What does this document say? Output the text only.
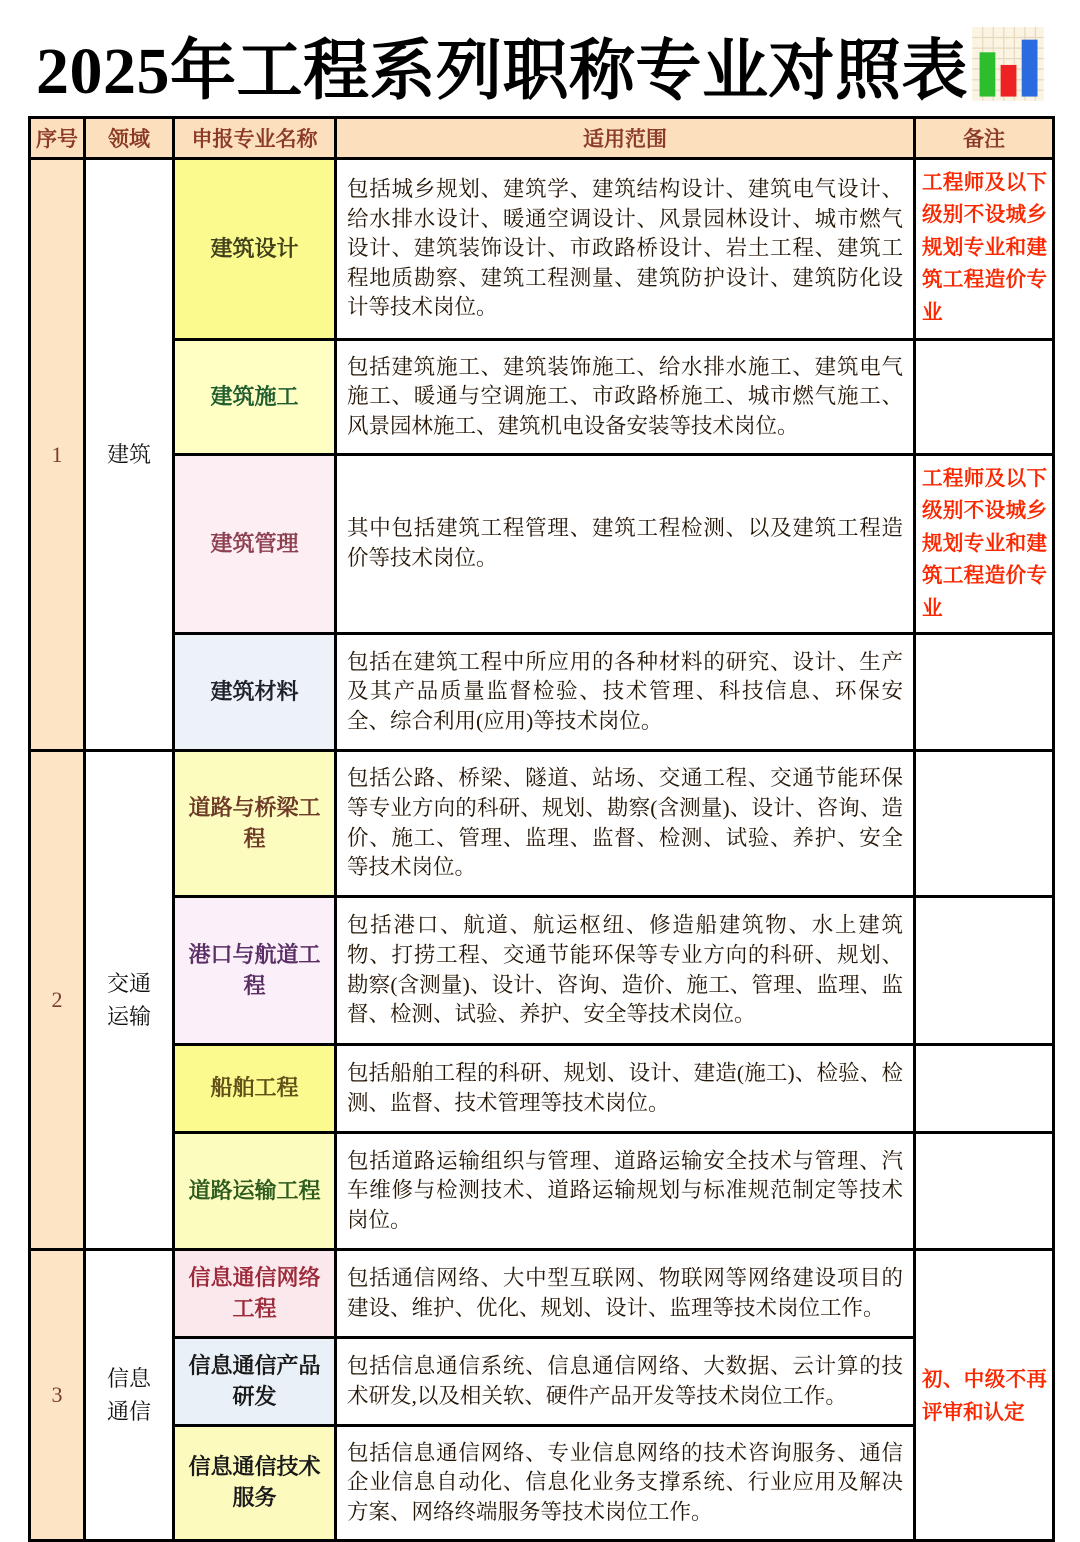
2025年工程系列职称专业对照表
序号	领域	申报专业名称	适用范围	备注
1	建筑	建筑设计	包括城乡规划、建筑学、建筑结构设计、建筑电气设计、给水排水设计、暖通空调设计、风景园林设计、城市燃气设计、建筑装饰设计、市政路桥设计、岩土工程、建筑工程地质勘察、建筑工程测量、建筑防护设计、建筑防化设计等技术岗位。	工程师及以下级别不设城乡规划专业和建筑工程造价专业
		建筑施工	包括建筑施工、建筑装饰施工、给水排水施工、建筑电气施工、暖通与空调施工、市政路桥施工、城市燃气施工、风景园林施工、建筑机电设备安装等技术岗位。	
		建筑管理	其中包括建筑工程管理、建筑工程检测、以及建筑工程造价等技术岗位。	工程师及以下级别不设城乡规划专业和建筑工程造价专业
		建筑材料	包括在建筑工程中所应用的各种材料的研究、设计、生产及其产品质量监督检验、技术管理、科技信息、环保安全、综合利用(应用)等技术岗位。	
2	交通运输	道路与桥梁工程	包括公路、桥梁、隧道、站场、交通工程、交通节能环保等专业方向的科研、规划、勘察(含测量)、设计、咨询、造价、施工、管理、监理、监督、检测、试验、养护、安全等技术岗位。	
		港口与航道工程	包括港口、航道、航运枢纽、修造船建筑物、水上建筑物、打捞工程、交通节能环保等专业方向的科研、规划、勘察(含测量)、设计、咨询、造价、施工、管理、监理、监督、检测、试验、养护、安全等技术岗位。	
		船舶工程	包括船舶工程的科研、规划、设计、建造(施工)、检验、检测、监督、技术管理等技术岗位。	
		道路运输工程	包括道路运输组织与管理、道路运输安全技术与管理、汽车维修与检测技术、道路运输规划与标准规范制定等技术岗位。	
3	信息通信	信息通信网络工程	包括通信网络、大中型互联网、物联网等网络建设项目的建设、维护、优化、规划、设计、监理等技术岗位工作。	初、中级不再评审和认定
		信息通信产品研发	包括信息通信系统、信息通信网络、大数据、云计算的技术研发,以及相关软、硬件产品开发等技术岗位工作。	
		信息通信技术服务	包括信息通信网络、专业信息网络的技术咨询服务、通信企业信息自动化、信息化业务支撑系统、行业应用及解决方案、网络终端服务等技术岗位工作。	
